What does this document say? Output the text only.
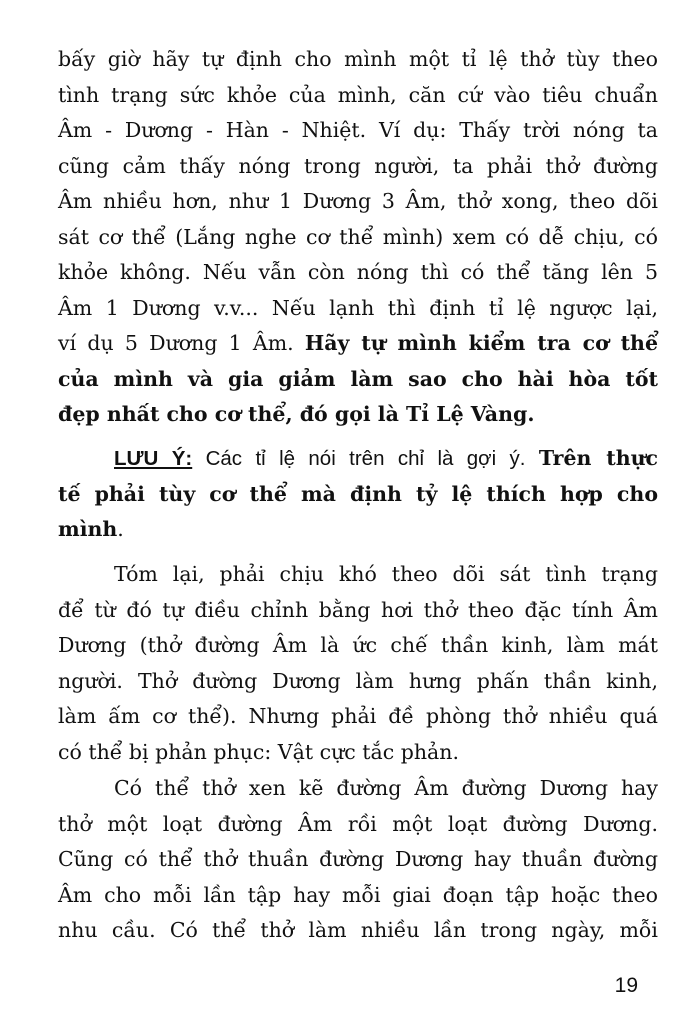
bấy giờ hãy tự định cho mình một tỉ lệ thở tùy theo
tình trạng sức khỏe của mình, căn cứ vào tiêu chuẩn
Âm - Dương - Hàn - Nhiệt. Ví dụ: Thấy trời nóng ta
cũng cảm thấy nóng trong người, ta phải thở đường
Âm nhiều hơn, như 1 Dương 3 Âm, thở xong, theo dõi
sát cơ thể (Lắng nghe cơ thể mình) xem có dễ chịu, có
khỏe không. Nếu vẫn còn nóng thì có thể tăng lên 5
Âm 1 Dương v.v... Nếu lạnh thì định tỉ lệ ngược lại,
ví dụ 5 Dương 1 Âm. Hãy tự mình kiểm tra cơ thể
của mình và gia giảm làm sao cho hài hòa tốt
đẹp nhất cho cơ thể, đó gọi là Tỉ Lệ Vàng.
LƯU Ý: Các tỉ lệ nói trên chỉ là gợi ý. Trên thực
tế phải tùy cơ thể mà định tỷ lệ thích hợp cho
mình.
Tóm lại, phải chịu khó theo dõi sát tình trạng
để từ đó tự điều chỉnh bằng hơi thở theo đặc tính Âm
Dương (thở đường Âm là ức chế thần kinh, làm mát
người. Thở đường Dương làm hưng phấn thần kinh,
làm ấm cơ thể). Nhưng phải đề phòng thở nhiều quá
có thể bị phản phục: Vật cực tắc phản.
Có thể thở xen kẽ đường Âm đường Dương hay
thở một loạt đường Âm rồi một loạt đường Dương.
Cũng có thể thở thuần đường Dương hay thuần đường
Âm cho mỗi lần tập hay mỗi giai đoạn tập hoặc theo
nhu cầu. Có thể thở làm nhiều lần trong ngày, mỗi
19
